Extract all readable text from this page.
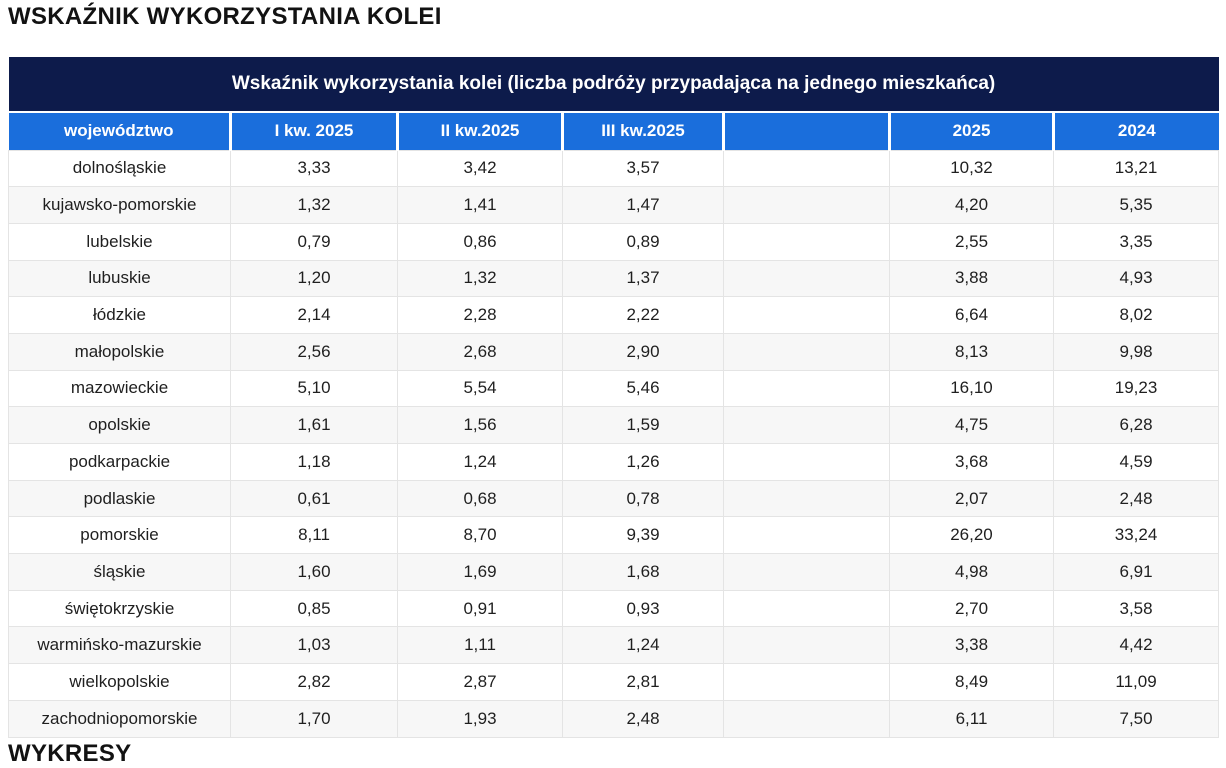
WSKAŹNIK WYKORZYSTANIA KOLEI
Wskaźnik wykorzystania kolei (liczba podróży przypadająca na jednego mieszkańca)						
województwo	I kw. 2025	II kw.2025	III kw.2025		2025	2024
dolnośląskie	3,33	3,42	3,57		10,32	13,21
kujawsko-pomorskie	1,32	1,41	1,47		4,20	5,35
lubelskie	0,79	0,86	0,89		2,55	3,35
lubuskie	1,20	1,32	1,37		3,88	4,93
łódzkie	2,14	2,28	2,22		6,64	8,02
małopolskie	2,56	2,68	2,90		8,13	9,98
mazowieckie	5,10	5,54	5,46		16,10	19,23
opolskie	1,61	1,56	1,59		4,75	6,28
podkarpackie	1,18	1,24	1,26		3,68	4,59
podlaskie	0,61	0,68	0,78		2,07	2,48
pomorskie	8,11	8,70	9,39		26,20	33,24
śląskie	1,60	1,69	1,68		4,98	6,91
świętokrzyskie	0,85	0,91	0,93		2,70	3,58
warmińsko-mazurskie	1,03	1,11	1,24		3,38	4,42
wielkopolskie	2,82	2,87	2,81		8,49	11,09
zachodniopomorskie	1,70	1,93	2,48		6,11	7,50
WYKRESY
